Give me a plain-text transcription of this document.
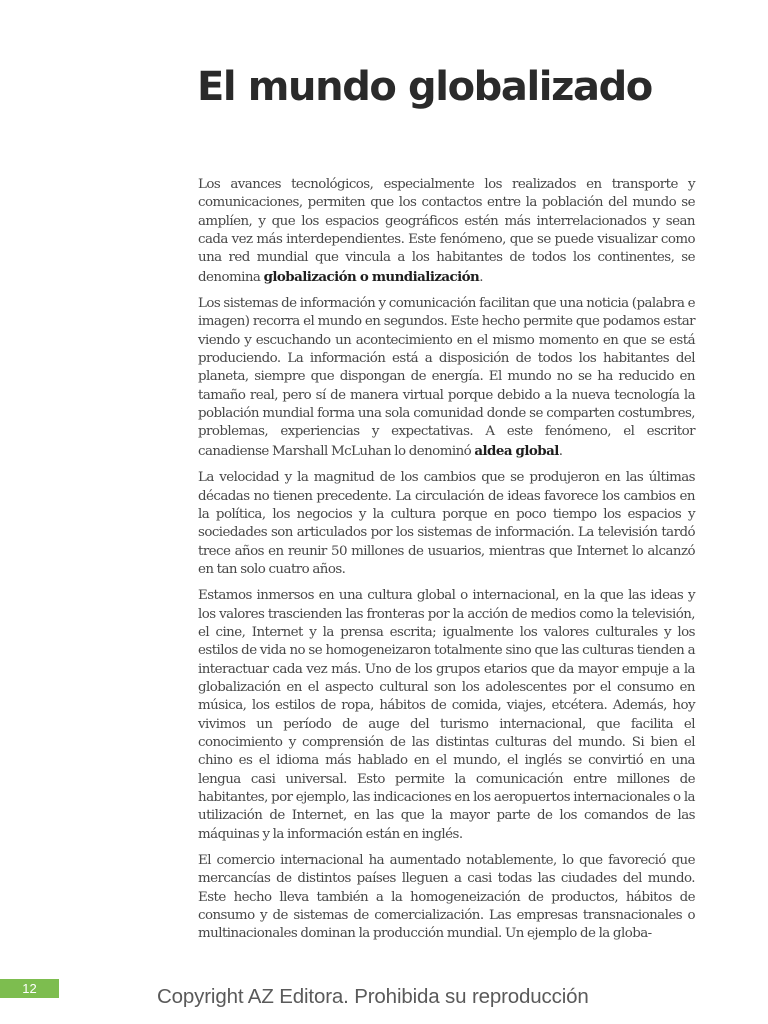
El mundo globalizado

Los avances tecnológicos, especialmente los realizados en transporte y comunicaciones, permiten que los contactos entre la población del mundo se amplíen, y que los espacios geográficos estén más interrelacionados y sean cada vez más interdependientes. Este fenómeno, que se puede visualizar como una red mundial que vincula a los habitantes de todos los continentes, se denomina globalización o mundialización.

Los sistemas de información y comunicación facilitan que una noticia (palabra e imagen) recorra el mundo en segundos. Este hecho permite que podamos estar viendo y escuchando un acontecimiento en el mismo momento en que se está produciendo. La información está a disposición de todos los habitantes del planeta, siempre que dispongan de energía. El mundo no se ha reducido en tamaño real, pero sí de manera virtual porque debido a la nueva tecnología la población mundial forma una sola comunidad donde se comparten costumbres, problemas, experiencias y expectativas. A este fenómeno, el escritor canadiense Marshall McLuhan lo denominó aldea global.

La velocidad y la magnitud de los cambios que se produjeron en las últimas décadas no tienen precedente. La circulación de ideas favorece los cambios en la política, los negocios y la cultura porque en poco tiempo los espacios y sociedades son articulados por los sistemas de información. La televisión tardó trece años en reunir 50 millones de usuarios, mientras que Internet lo alcanzó en tan solo cuatro años.

Estamos inmersos en una cultura global o internacional, en la que las ideas y los valores trascienden las fronteras por la acción de medios como la televisión, el cine, Internet y la prensa escrita; igualmente los valores culturales y los estilos de vida no se homogeneizaron totalmente sino que las culturas tienden a interactuar cada vez más. Uno de los grupos etarios que da mayor empuje a la globalización en el aspecto cultural son los adolescentes por el consumo en música, los estilos de ropa, hábitos de comida, viajes, etcétera. Además, hoy vivimos un período de auge del turismo internacional, que facilita el conocimiento y comprensión de las distintas culturas del mundo. Si bien el chino es el idioma más hablado en el mundo, el inglés se convirtió en una lengua casi universal. Esto permite la comunicación entre millones de habitantes, por ejemplo, las indicaciones en los aeropuertos internacionales o la utilización de Internet, en las que la mayor parte de los comandos de las máquinas y la información están en inglés.

El comercio internacional ha aumentado notablemente, lo que favoreció que mercancías de distintos países lleguen a casi todas las ciudades del mundo. Este hecho lleva también a la homogeneización de productos, hábitos de consumo y de sistemas de comercialización. Las empresas transnacionales o multinacionales dominan la producción mundial. Un ejemplo de la globa-

12	Copyright AZ Editora. Prohibida su reproducción
